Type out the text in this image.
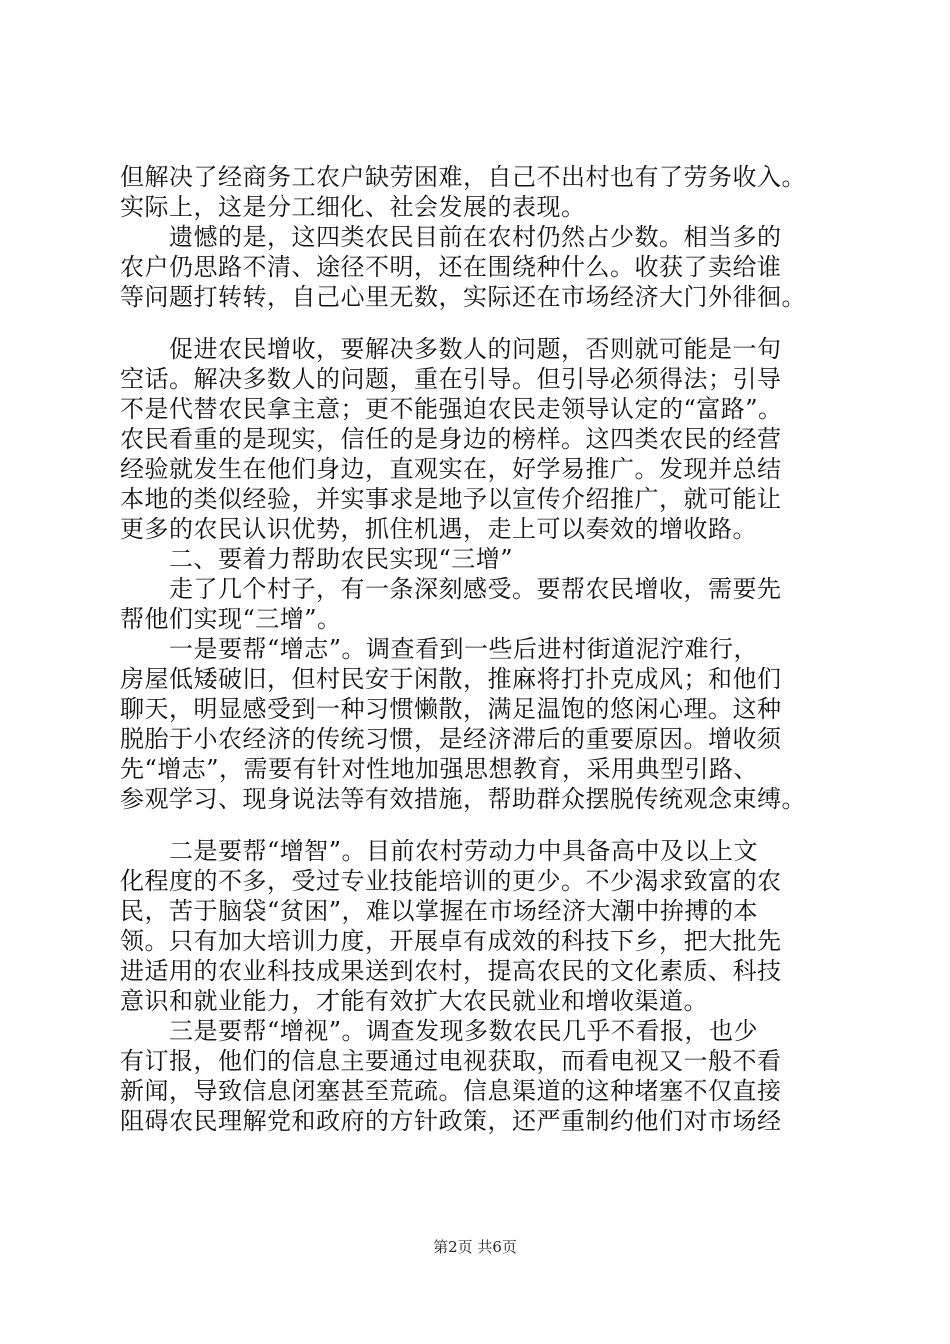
但解决了经商务工农户缺劳困难，自己不出村也有了劳务收入。
实际上，这是分工细化、社会发展的表现。
　　遗憾的是，这四类农民目前在农村仍然占少数。相当多的
农户仍思路不清、途径不明，还在围绕种什么。收获了卖给谁
等问题打转转，自己心里无数，实际还在市场经济大门外徘徊。
　　促进农民增收，要解决多数人的问题，否则就可能是一句
空话。解决多数人的问题，重在引导。但引导必须得法；引导
不是代替农民拿主意；更不能强迫农民走领导认定的“富路”。
农民看重的是现实，信任的是身边的榜样。这四类农民的经营
经验就发生在他们身边，直观实在，好学易推广。发现并总结
本地的类似经验，并实事求是地予以宣传介绍推广，就可能让
更多的农民认识优势，抓住机遇，走上可以奏效的增收路。
　　二、要着力帮助农民实现“三增”
　　走了几个村子，有一条深刻感受。要帮农民增收，需要先
帮他们实现“三增”。
　　一是要帮“增志”。调查看到一些后进村街道泥泞难行，
房屋低矮破旧，但村民安于闲散，推麻将打扑克成风；和他们
聊天，明显感受到一种习惯懒散，满足温饱的悠闲心理。这种
脱胎于小农经济的传统习惯，是经济滞后的重要原因。增收须
先“增志”，需要有针对性地加强思想教育，采用典型引路、
参观学习、现身说法等有效措施，帮助群众摆脱传统观念束缚。
　　二是要帮“增智”。目前农村劳动力中具备高中及以上文
化程度的不多，受过专业技能培训的更少。不少渴求致富的农
民，苦于脑袋“贫困”，难以掌握在市场经济大潮中拚搏的本
领。只有加大培训力度，开展卓有成效的科技下乡，把大批先
进适用的农业科技成果送到农村，提高农民的文化素质、科技
意识和就业能力，才能有效扩大农民就业和增收渠道。
　　三是要帮“增视”。调查发现多数农民几乎不看报，也少
有订报，他们的信息主要通过电视获取，而看电视又一般不看
新闻，导致信息闭塞甚至荒疏。信息渠道的这种堵塞不仅直接
阻碍农民理解党和政府的方针政策，还严重制约他们对市场经
第2页 共6页
